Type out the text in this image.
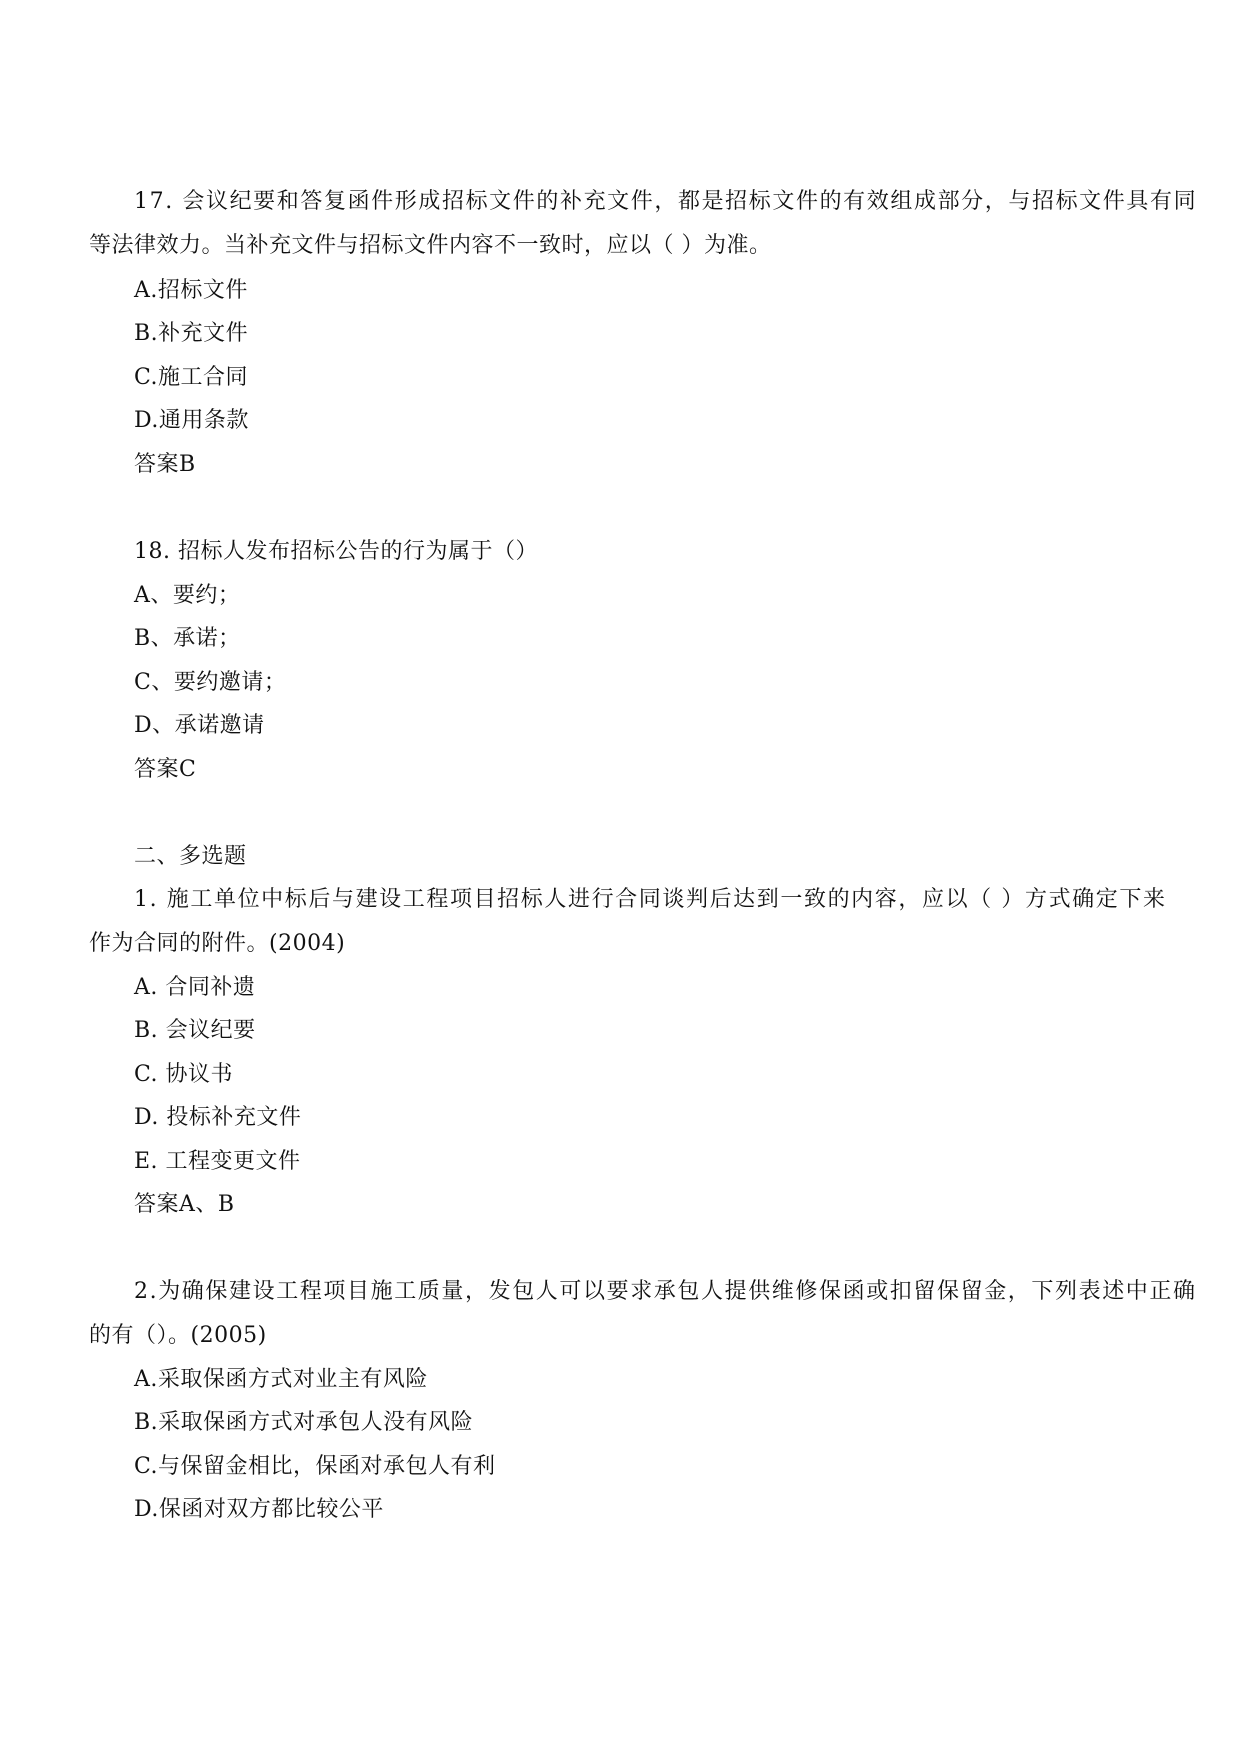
17. 会议纪要和答复函件形成招标文件的补充文件，都是招标文件的有效组成部分，与招标文件具有同
等法律效力。当补充文件与招标文件内容不一致时，应以（ ）为准。
A.招标文件
B.补充文件
C.施工合同
D.通用条款
答案B
18. 招标人发布招标公告的行为属于（）
A、要约；
B、承诺；
C、要约邀请；
D、承诺邀请
答案C
二、多选题
1. 施工单位中标后与建设工程项目招标人进行合同谈判后达到一致的内容，应以（ ）方式确定下来
作为合同的附件。(2004)
A. 合同补遗
B. 会议纪要
C. 协议书
D. 投标补充文件
E. 工程变更文件
答案A、B
2.为确保建设工程项目施工质量，发包人可以要求承包人提供维修保函或扣留保留金，下列表述中正确
的有（）。(2005)
A.采取保函方式对业主有风险
B.采取保函方式对承包人没有风险
C.与保留金相比，保函对承包人有利
D.保函对双方都比较公平
